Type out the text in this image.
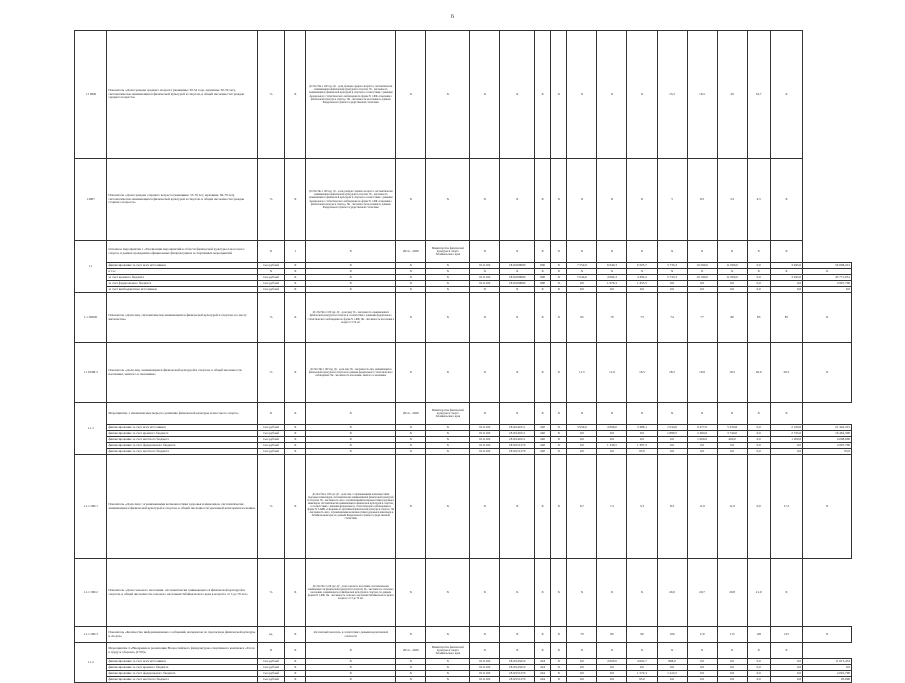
6
1.1 ПИ6	Показатель «Доля граждан среднего возраста (женщины: 30-54 года, мужчины: 30-59 лет), систематически занимающихся физической культурой и спортом, в общей численности граждан среднего возраста»	%	X	Дт=Чзс/Чн x 100 где: Дт - доля граждан среднего возраста, систематически занимающихся физической культурой и спортом; Чз - численность занимающихся физической культурой и спортом в соответствии с данными федерального статистического наблюдения по форме N 1-ФК «Сведения о физической культуре и спорте»; Чн - численность населения по данным Федеральной службы государственной статистики	X	X	X	X	X	X	X	X	X	13,5	16,5	29	32,7	X	
1.ПИ7	Показатель «Доля граждан старшего возраста (женщины: 55-79 лет; мужчины: 60-79 лет), систематически занимающихся физической культурой и спортом, в общей численности граждан старшего возраста»	%	X	Дт=Чзс/Чн x 100 где: Дт - доля граждан старшего возраста, систематически занимающихся физической культурой и спортом; Чз - численность занимающихся физической культурой и спортом в соответствии с данными федерального статистического наблюдения по форме N 1-ФК «Сведения о физической культуре и спорте»; Чн - численность населения по данным Федеральной службы государственной статистики	X	X	X	X	X	X	X	X	X	5	8,5	3,5	4,5	X	
1.1	Основное мероприятие 1 «Реализация мероприятий в области физической культуры и массового спорта» в рамках проведения официальных физкультурных и спортивных мероприятий	X	1	X	2014 - 2020	Министерство физической культуры и спорта Забайкальского края	X	X	X	X	X	X	X	X	X	X	X	X	
	финансирование за счет всех источников	тыс.рублей	X	X	X	X	0111102	1810100000	600	X	7 554,9	6 040,3	6 505,7	5 735,3	10 290,0	11 000,0	0,0	3 945,0	56 068,201
	в т.ч.:	X	X	X	X	X	X	X	X	X	X	X	X	X	X	X	X	X	X
	за счет краевого бюджета	тыс.рублей	X	X	X	X	0111102	1810100000	600	X	7 044,6	4 064,3	4 392,2	5 735,3	10 190,0	11 000,0	0,0	3 945,0	45 771,631
	за счет федерального бюджета	тыс.рублей	X	X	X	X	0111102	1810100000	600	X	0,0	1 976,3	1 453,5	0,0	0,0	0,0	0,0	0,0	4 997,790
	за счет внебюджетных источников	тыс.рублей	X	X	X	X	X	X	X	X	0,0	0,0	0,0	0,0	0,0	0,0	0,0	0,0	0,0
1.1 ПОМ1	Показатель «Доля лиц, систематически занимающихся физической культурой и спортом, по месту жительства»	%	X	Дт=Чзс/Чн x 100 где: Дт - доля лиц; Чз - численность занимающихся физической культурой и спортом в соответствии с данными федерального статистического наблюдения по форме N 1-ФК; Чн - численность населения в возрасте 3-79 лет	X	X	X	X	X	X	65	70	73	74	77	80	83	85	X
1.1 ПОМ 2	Показатель «Доля лиц, занимающихся физической культурой и спортом, в общей численности населения, занятого в экономике»	%	X	Дт=Чзс/Чн x 100 где: Дт - доля лиц; Чз - численность лиц, занимающихся физической культурой и спортом по данным федерального статистического наблюдения; Чн - численность населения, занятого в экономике	X	X	X	X	X	X	11,5	11,9	16,5	18,5	19,9	19,5	20,0	20,5	X
1.1.1	Мероприятие 1 «Комплексные меры по развитию физической культуры и массового спорта»	X	X	X	2014 - 2020	Министерство физической культуры и спорта Забайкальского края	X	X	X	X	X	X	X	X	X	X	X	X	
	финансирование за счет всех источников	тыс.рублей	X	X	X	X	0111102	1810141011	240	X	3 934,0	4 066,0	3 486,1	1 034,0	6 477,0	5 230,8	0,0	2 100,0	21 442,201
	финансирование за счет краевого бюджета	тыс.рублей	X	X	X	X	0111102	1810141011	240	X	0,0	0,0	0,0	1 889,5	2 484,9	3 740,0	0,0	2 725,0	16 462,390
	финансирование за счет местного бюджета	тыс.рублей	X	X	X	X	0111102	1810141011	240	X	0,0	0,0	0,0	0,0	1 000,0	400,0	0,0	1 200,0	4 008,000
	финансирование за счет федерального бюджета	тыс.рублей	X	X	X	X	0111102	1810151270	240	X	0,0	1 336,5	1 397,3	0,0	0,0	0,0	0,0	0,0	4 997,790
	финансирование за счет местного бюджета	тыс.рублей	X	X	X	X	0111102	1810151270	240	X	0,0	0,0	95,0	0,0	0,0	0,0	0,0	0,0	95,0
1.1.1 ПМ 1	Показатель «Доля лиц с ограниченными возможностями здоровья и инвалидов, систематически занимающихся физической культурой и спортом, в общей численности указанной категории населения»	%	X	Дт=Чзс/Чн x 100 где: Дт - доля лиц с ограниченными возможностями здоровья и инвалидов, систематически занимающихся физической культурой и спортом; Чз - численность лиц с ограниченными возможностями здоровья и инвалидов, систематически занимающихся физической культурой и спортом, в соответствии с данными федерального статистического наблюдения по форме N 3-АФК «Сведения об адаптивной физической культуре и спорте»; Чн - численность лиц с ограниченными возможностями здоровья и инвалидов в Забайкальском крае по данным Федеральной службы государственной статистики	X	X	X	X	X	X	6,7	7,2	3,3	8,3	11,6	11,9	0,0	17,5	X
1.1.1 ПМ 2	Показатель «Доля сельского населения, систематически занимающегося физической культурой и спортом, в общей численности сельского населения Забайкальского края в возрасте от 3 до 79 лет»	%	X	Дт=Чзс/Чн x 100 где: Дт - доля сельского населения, систематически занимающегося физической культурой и спортом; Чз - численность сельского населения, занимающегося физической культурой и спортом, по данным формы N 1-ФК; Чн - численность сельского населения Забайкальского края в возрасте от 3 до 79 лет	X	X	X	X	X	X	X	X	X	20,6	20,7	20,8	21,0	X	
1.1.1 ПМ 3	Показатель «Количество информационных сообщений, материалов по пропаганде физической культуры и спорта»	ед.	X	Абсолютный показатель, в соответствии с данными ведомственной отчетности	X	X	X	X	X	X	70	80	90	100	110	115	120	125	X
1.1.2	Мероприятие 2 «Внедрение и реализация Всероссийского физкультурно-спортивного комплекса «Готов к труду и обороне» (ГТО)»	X	X	X	2014 - 2020	Министерство физической культуры и спорта Забайкальского края	X	X	X	X	X	X	X	X	X	X	X	X	
	финансирование за счет всех источников	тыс.рублей	X	X	X	X	0111102	1810143210	244	X	0,0	4 000,0	4 002,7	868,0	0,0	0,0	0,0	0,0	11 613,453
	финансирование за счет краевого бюджета	тыс.рублей	X	X	X	X	0111102	1810143210	244	X	0,0	0,0	0,0	0,0	0,0	0,0	0,0	0,0	0,0
	финансирование за счет федерального бюджета	тыс.рублей	X	X	X	X	0111102	1810151270	244	X	0,0	0,0	1 574,3	1 222,5	0,0	0,0	0,0	0,0	4 091,790
	финансирование за счет местного бюджета	тыс.рублей	X	X	X	X	0111102	1810151270	244	X	0,0	0,0	95,0	0,0	0,0	0,0	0,0	0,0	95,000
